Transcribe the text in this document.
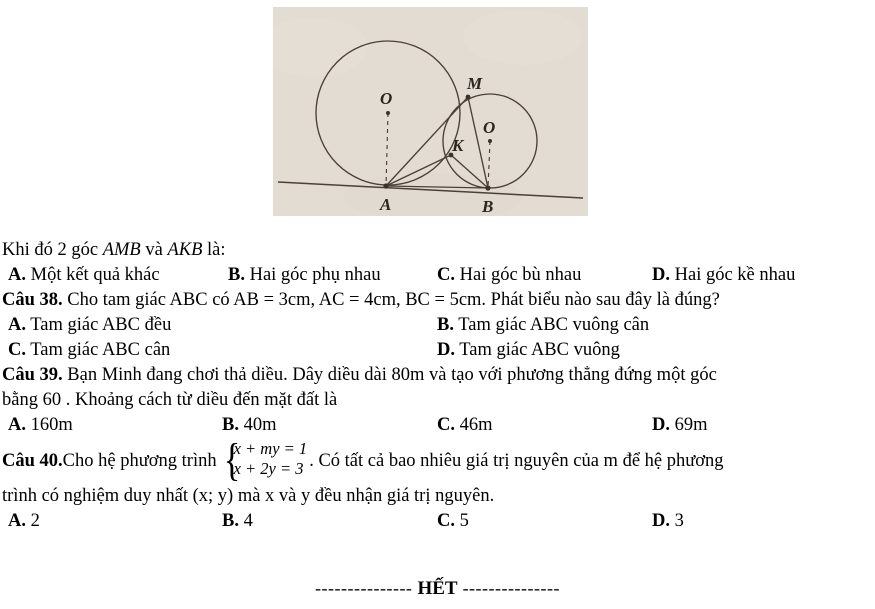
O
O
M
K
A	B
Khi đó 2 góc AMB và AKB là:
A. Một kết quả khác	B. Hai góc phụ nhau	C. Hai góc bù nhau	D. Hai góc kề nhau
Câu 38. Cho tam giác ABC có AB = 3cm, AC = 4cm, BC = 5cm. Phát biểu nào sau đây là đúng?
A. Tam giác ABC đều	B. Tam giác ABC vuông cân
C. Tam giác ABC cân	D. Tam giác ABC vuông
Câu 39. Bạn Minh đang chơi thả diều. Dây diều dài 80m và tạo với phương thẳng đứng một góc
bằng 60 . Khoảng cách từ diều đến mặt đất là
A. 160m	B. 40m	C. 46m	D. 69m
Câu 40. Cho hệ phương trình {
x + my = 1
x + 2y = 3 . Có tất cả bao nhiêu giá trị nguyên của m để hệ phương
trình có nghiệm duy nhất (x; y) mà x và y đều nhận giá trị nguyên.
A. 2	B. 4	C. 5	D. 3
--------------- HẾT ---------------
